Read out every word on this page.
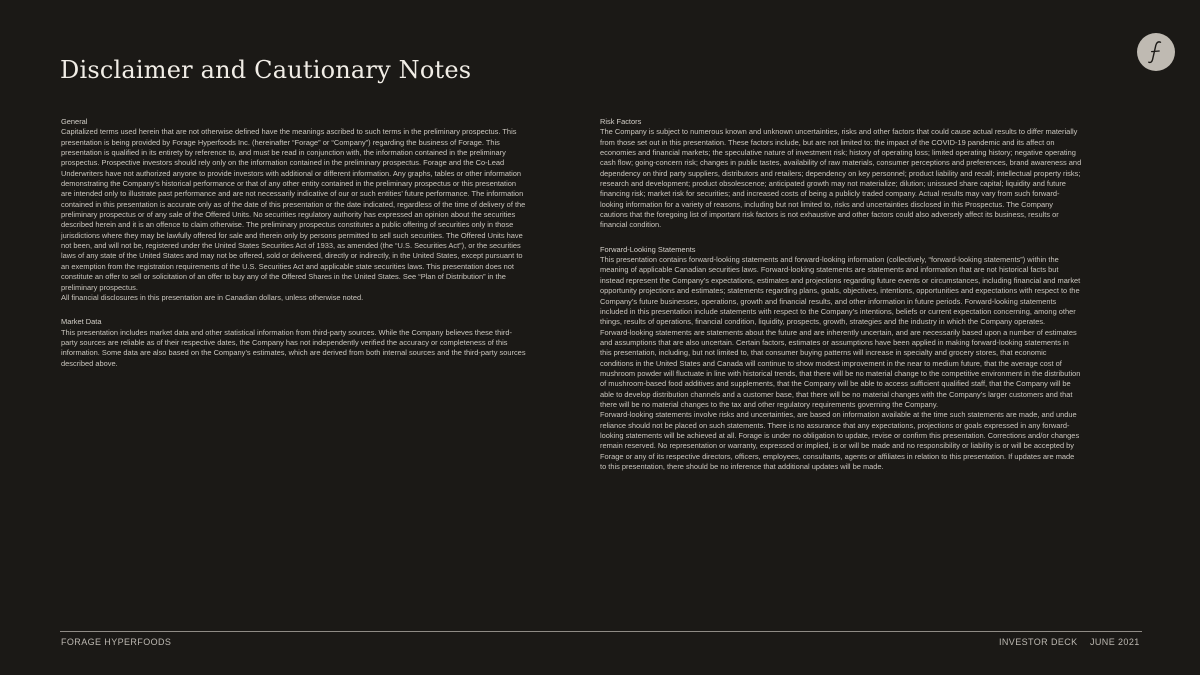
Disclaimer and Cautionary Notes
General

Capitalized terms used herein that are not otherwise defined have the meanings ascribed to such terms in the preliminary prospectus. This presentation is being provided by Forage Hyperfoods Inc. (hereinafter “Forage” or “Company”) regarding the business of Forage. This presentation is qualified in its entirety by reference to, and must be read in conjunction with, the information contained in the preliminary prospectus. Prospective investors should rely only on the information contained in the preliminary prospectus. Forage and the Co-Lead Underwriters have not authorized anyone to provide investors with additional or different information. Any graphs, tables or other information demonstrating the Company’s historical performance or that of any other entity contained in the preliminary prospectus or this presentation are intended only to illustrate past performance and are not necessarily indicative of our or such entities’ future performance. The information contained in this presentation is accurate only as of the date of this presentation or the date indicated, regardless of the time of delivery of the preliminary prospectus or of any sale of the Offered Units. No securities regulatory authority has expressed an opinion about the securities described herein and it is an offence to claim otherwise. The preliminary prospectus constitutes a public offering of securities only in those jurisdictions where they may be lawfully offered for sale and therein only by persons permitted to sell such securities. The Offered Units have not been, and will not be, registered under the United States Securities Act of 1933, as amended (the “U.S. Securities Act”), or the securities laws of any state of the United States and may not be offered, sold or delivered, directly or indirectly, in the United States, except pursuant to an exemption from the registration requirements of the U.S. Securities Act and applicable state securities laws. This presentation does not constitute an offer to sell or solicitation of an offer to buy any of the Offered Shares in the United States. See “Plan of Distribution” in the preliminary prospectus.

All financial disclosures in this presentation are in Canadian dollars, unless otherwise noted.

Market Data

This presentation includes market data and other statistical information from third-party sources. While the Company believes these third-party sources are reliable as of their respective dates, the Company has not independently verified the accuracy or completeness of this information. Some data are also based on the Company’s estimates, which are derived from both internal sources and the third-party sources described above.

Risk Factors

The Company is subject to numerous known and unknown uncertainties, risks and other factors that could cause actual results to differ materially from those set out in this presentation. These factors include, but are not limited to: the impact of the COVID-19 pandemic and its affect on economies and financial markets; the speculative nature of investment risk; history of operating loss; limited operating history; negative operating cash flow; going-concern risk; changes in public tastes, availability of raw materials, consumer perceptions and preferences, brand awareness and dependency on third party suppliers, distributors and retailers; dependency on key personnel; product liability and recall; intellectual property risks; research and development; product obsolescence; anticipated growth may not materialize; dilution; unissued share capital; liquidity and future financing risk; market risk for securities; and increased costs of being a publicly traded company. Actual results may vary from such forward-looking information for a variety of reasons, including but not limited to, risks and uncertainties disclosed in this Prospectus. The Company cautions that the foregoing list of important risk factors is not exhaustive and other factors could also adversely affect its business, results or financial condition.

Forward-Looking Statements

This presentation contains forward-looking statements and forward-looking information (collectively, “forward-looking statements”) within the meaning of applicable Canadian securities laws. Forward-looking statements are statements and information that are not historical facts but instead represent the Company’s expectations, estimates and projections regarding future events or circumstances, including financial and market opportunity projections and estimates; statements regarding plans, goals, objectives, intentions, opportunities and expectations with respect to the Company’s future businesses, operations, growth and financial results, and other information in future periods. Forward-looking statements included in this presentation include statements with respect to the Company’s intentions, beliefs or current expectation concerning, among other things, results of operations, financial condition, liquidity, prospects, growth, strategies and the industry in which the Company operates.

Forward-looking statements are statements about the future and are inherently uncertain, and are necessarily based upon a number of estimates and assumptions that are also uncertain. Certain factors, estimates or assumptions have been applied in making forward-looking statements in this presentation, including, but not limited to, that consumer buying patterns will increase in specialty and grocery stores, that economic conditions in the United States and Canada will continue to show modest improvement in the near to medium future, that the average cost of mushroom powder will fluctuate in line with historical trends, that there will be no material change to the competitive environment in the distribution of mushroom-based food additives and supplements, that the Company will be able to access sufficient qualified staff, that the Company will be able to develop distribution channels and a customer base, that there will be no material changes with the Company’s larger customers and that there will be no material changes to the tax and other regulatory requirements governing the Company.

Forward-looking statements involve risks and uncertainties, are based on information available at the time such statements are made, and undue reliance should not be placed on such statements. There is no assurance that any expectations, projections or goals expressed in any forward-looking statements will be achieved at all. Forage is under no obligation to update, revise or confirm this presentation. Corrections and/or changes remain reserved. No representation or warranty, expressed or implied, is or will be made and no responsibility or liability is or will be accepted by Forage or any of its respective directors, officers, employees, consultants, agents or affiliates in relation to this presentation. If updates are made to this presentation, there should be no inference that additional updates will be made.

FORAGE HYPERFOODS	INVESTOR DECK JUNE 2021
